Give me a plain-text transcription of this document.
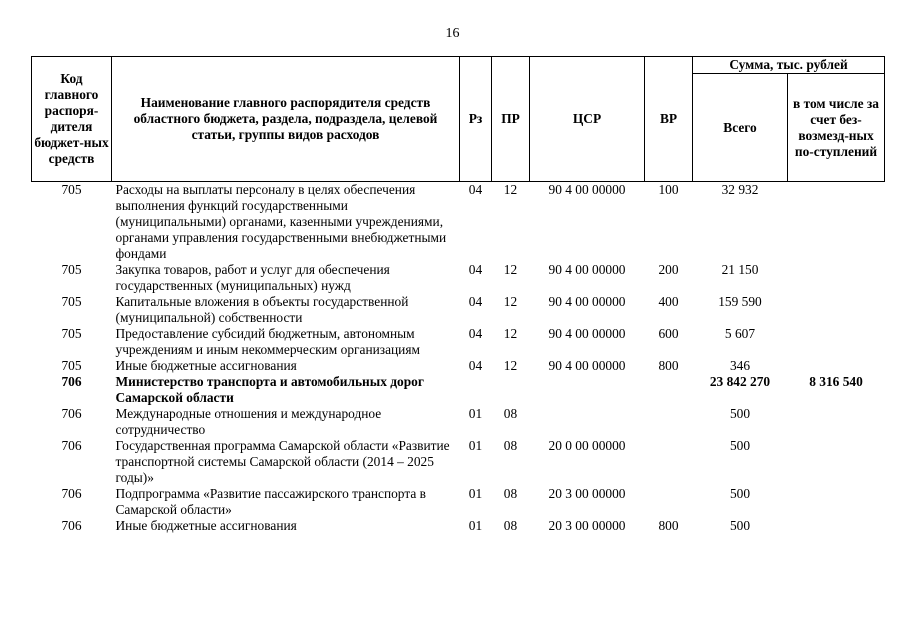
16
Код главного распоря-дителя бюджет-ных средств	Наименование главного распорядителя средств областного бюджета, раздела, подраздела, целевой статьи, группы видов расходов	Рз	ПР	ЦСР	ВР	Сумма, тыс. рублей	
						Всего	в том числе за счет без-возмезд-ных по-ступлений
705	Расходы на выплаты персоналу в целях обеспечения выполнения функций государственными (муниципальными) органами, казенными учреждениями, органами управления государственными внебюджетными фондами	04	12	90 4 00 00000	100	32 932	
705	Закупка товаров, работ и услуг для обеспечения государственных (муниципальных) нужд	04	12	90 4 00 00000	200	21 150	
705	Капитальные вложения в объекты государственной (муниципальной) собственности	04	12	90 4 00 00000	400	159 590	
705	Предоставление субсидий бюджетным, автономным учреждениям и иным некоммерческим организациям	04	12	90 4 00 00000	600	5 607	
705	Иные бюджетные ассигнования	04	12	90 4 00 00000	800	346	
706	Министерство транспорта и автомобильных дорог Самарской области					23 842 270	8 316 540
706	Международные отношения и международное сотрудничество	01	08			500	
706	Государственная программа Самарской области «Развитие транспортной системы Самарской области (2014 – 2025 годы)»	01	08	20 0 00 00000		500	
706	Подпрограмма «Развитие пассажирского транспорта в Самарской области»	01	08	20 3 00 00000		500	
706	Иные бюджетные ассигнования	01	08	20 3 00 00000	800	500	
